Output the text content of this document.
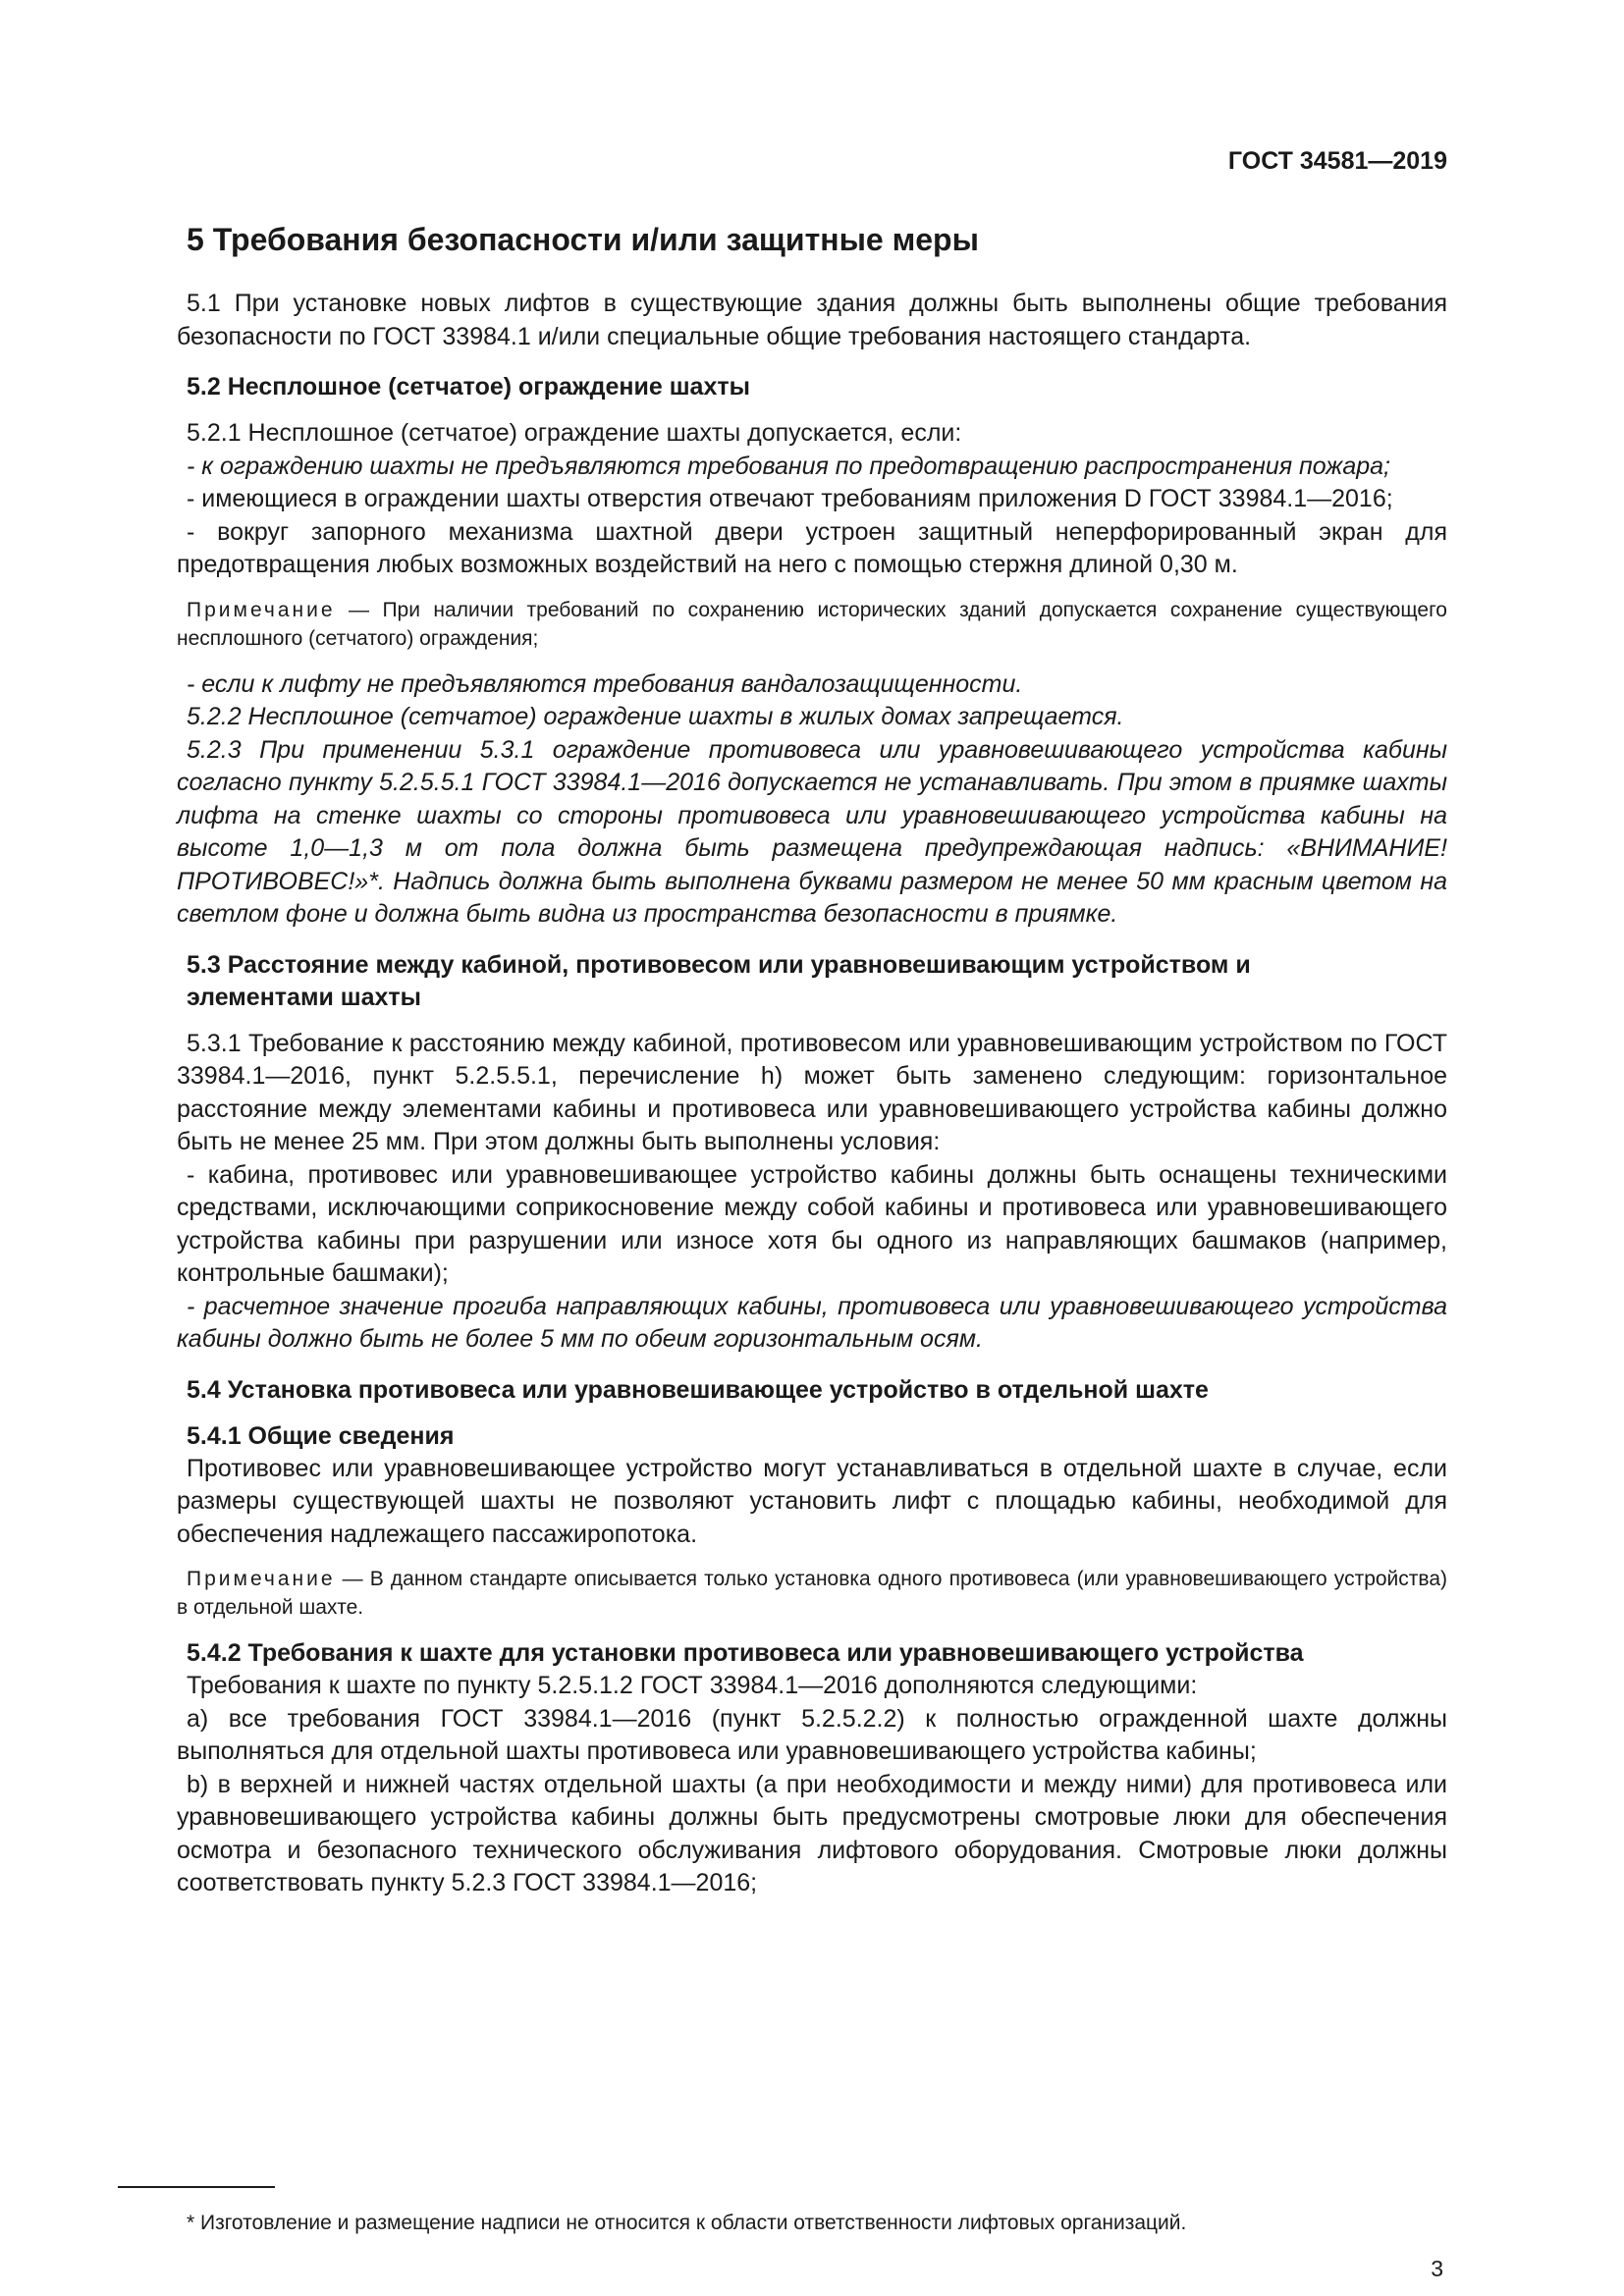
ГОСТ 34581—2019
5 Требования безопасности и/или защитные меры

5.1 При установке новых лифтов в существующие здания должны быть выполнены общие требования безопасности по ГОСТ 33984.1 и/или специальные общие требования настоящего стандарта.

5.2 Несплошное (сетчатое) ограждение шахты

5.2.1 Несплошное (сетчатое) ограждение шахты допускается, если:

- к ограждению шахты не предъявляются требования по предотвращению распространения пожара;

- имеющиеся в ограждении шахты отверстия отвечают требованиям приложения D ГОСТ 33984.1—2016;

- вокруг запорного механизма шахтной двери устроен защитный неперфорированный экран для предотвращения любых возможных воздействий на него с помощью стержня длиной 0,30 м.

Примечание — При наличии требований по сохранению исторических зданий допускается сохранение существующего несплошного (сетчатого) ограждения;

- если к лифту не предъявляются требования вандалозащищенности.

5.2.2 Несплошное (сетчатое) ограждение шахты в жилых домах запрещается.

5.2.3 При применении 5.3.1 ограждение противовеса или уравновешивающего устройства кабины согласно пункту 5.2.5.5.1 ГОСТ 33984.1—2016 допускается не устанавливать. При этом в приямке шахты лифта на стенке шахты со стороны противовеса или уравновешивающего устройства кабины на высоте 1,0—1,3 м от пола должна быть размещена предупреждающая надпись: «ВНИМАНИЕ! ПРОТИВОВЕС!»*. Надпись должна быть выполнена буквами размером не менее 50 мм красным цветом на светлом фоне и должна быть видна из пространства безопасности в приямке.

5.3 Расстояние между кабиной, противовесом или уравновешивающим устройством и элементами шахты

5.3.1 Требование к расстоянию между кабиной, противовесом или уравновешивающим устройством по ГОСТ 33984.1—2016, пункт 5.2.5.5.1, перечисление h) может быть заменено следующим: горизонтальное расстояние между элементами кабины и противовеса или уравновешивающего устройства кабины должно быть не менее 25 мм. При этом должны быть выполнены условия:

- кабина, противовес или уравновешивающее устройство кабины должны быть оснащены техническими средствами, исключающими соприкосновение между собой кабины и противовеса или уравновешивающего устройства кабины при разрушении или износе хотя бы одного из направляющих башмаков (например, контрольные башмаки);

- расчетное значение прогиба направляющих кабины, противовеса или уравновешивающего устройства кабины должно быть не более 5 мм по обеим горизонтальным осям.

5.4 Установка противовеса или уравновешивающее устройство в отдельной шахте
5.4.1 Общие сведения

Противовес или уравновешивающее устройство могут устанавливаться в отдельной шахте в случае, если размеры существующей шахты не позволяют установить лифт с площадью кабины, необходимой для обеспечения надлежащего пассажиропотока.

Примечание — В данном стандарте описывается только установка одного противовеса (или уравновешивающего устройства) в отдельной шахте.
5.4.2 Требования к шахте для установки противовеса или уравновешивающего устройства

Требования к шахте по пункту 5.2.5.1.2 ГОСТ 33984.1—2016 дополняются следующими:

a) все требования ГОСТ 33984.1—2016 (пункт 5.2.5.2.2) к полностью огражденной шахте должны выполняться для отдельной шахты противовеса или уравновешивающего устройства кабины;

b) в верхней и нижней частях отдельной шахты (а при необходимости и между ними) для противовеса или уравновешивающего устройства кабины должны быть предусмотрены смотровые люки для обеспечения осмотра и безопасного технического обслуживания лифтового оборудования. Смотровые люки должны соответствовать пункту 5.2.3 ГОСТ 33984.1—2016;

* Изготовление и размещение надписи не относится к области ответственности лифтовых организаций.
3
